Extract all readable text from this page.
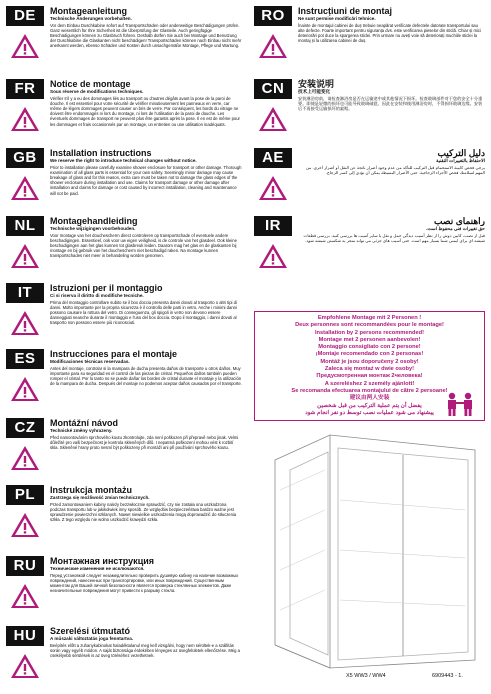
DE	Montageanleitung
Technische Änderungen vorbehalten.
Vor dem Einbau Duschkabine sofort auf Transportschäden oder anderweitige Beschädigungen prüfen. Ganz wesentlich für Ihre Sicherheit ist die Überprüfung der Glasteile. Auch geringfügige Beschädigungen können zu Glasbruch führen. Deshalb dürfen Sie auch bei Montage und Benutzung der Duschkabine die Glaskanten nicht beschädigen! Transportschäden können nach Einbau nicht mehr anerkannt werden, ebenso Schäden und Kosten durch unsachgemäße Montage, Pflege und Wartung.
FR	Notice de montage
Sous réserve de modifications techniques.
Vérifier s'il y a eu des dommages liés au transport ou d'autres dégâts avant la pose de la paroi de douche. Il est essentiel pour votre sécurité de vérifier minutieusement les panneaux en verre, car même de légers dommages peuvent causer un bris de verre. Par conséquent, les bords du vitrage ne doivent être endommagés ni lors du montage, ni lors de l'utilisation de la paroi de douche. Les éventuels dommages de transport ne peuvent plus être garantis après la pose. Il en est de même pour les dommages et frais occasionnés par un montage, un entretien ou une utilisation inadéquats.
GB	Installation instructions
We reserve the right to introduce technical changes without notice.
Prior to installation please carefully examine shower enclosure for transport or other damage. Thorough examination of all glass parts is essential for your own safety. Seemingly minor damage may cause breakage of glass and for this reason, extra care must be taken not to damage the glass edges of the shower enclosure during installation and use. Claims for transport damage or other damage after installation and claims for damage or cost caused by incorrect installation, cleaning and maintenance will not be paid.
NL	Montagehandleiding
Technische wijzigingen voorbehouden.
Voor montage van het douchescherm direct controleren op transportschade of eventuele andere beschadigingen. Essentieel, ook voor uw eigen veiligheid, is de controle van het glasdeel. Ook kleine beschadigingen aan het glas kunnen tot glasbreuk leiden. Daarom mag het glas en de glaskanten bij montage en bij gebruik van het douchescherm niet beschadigd raken. Na montage kunnen transportschades niet meer in behandeling worden genomen.
IT	Istruzioni per il montaggio
Ci si riserva il diritto di modifiche tecniche.
Prima del montaggio controllare subito se il box doccia presenta danni dovuti al trasporto o altri tipi di danni. Molto importante per la propria sicurezza è il controllo delle parti in vetro. Anche i minimi danni possono causare la rottura del vetro. Di conseguenza, gli spigoli in vetro non devono essere danneggiati neanche durante il montaggio e l'uso del box doccia. Dopo il montaggio, i danni dovuti al trasporto non possono essere più riconosciuti.
ES	Instrucciones para el montaje
Modificaciones técnicas reservadas.
Antes del montaje, controlar si la mampara de ducha presenta daños de transporte u otros daños. Muy importante para su seguridad es el control de las piezas de cristal. Pequeños daños también pueden romper el cristal. Por lo tanto no se puede dañar los bordes de cristal durante el montaje y la utilización de la mampara de ducha. Después del montaje no podemos aceptar daños causados por el transporte.
CZ	Montážní návod
Technické změny vyhrazeny.
Před namontováním sprchového koutu zkontrolujte, zda není poškozen při přepravě nebo jinak. Velmi důležité pro vaši bezpečnost je kontrola skleněných dílů. I nepatrná poškození mohou vést k rozbití skla. Skleněné hrany proto nesmí být poškozeny při montáži ani při používání sprchového koutu.
PL	Instrukcja montażu
Zastrzega się możliwość zmian technicznych.
Przed zamontowaniem kabiny należy bezzwłocznie sprawdzić, czy nie została ona uszkodzona podczas transportu lub w jakikolwiek inny sposób. Ze względów bezpieczeństwa bardzo ważne jest sprawdzenie powierzchni szklanych. Nawet niewielkie uszkodzenia mogą doprowadzić do stłuczenia szkła. Z tego względu nie wolno uszkodzić krawędzi szkła.
RU	Монтажная инструкция
Технические изменения не исключаются.
Перед установкой следует незамедлительно проверить душевую кабину на наличие возможных повреждений, нанесенных при транспортировке, или иных повреждений. Существенным моментом для Вашей личной безопасности является проверка стеклянных элементов. Даже незначительные повреждения могут привести к разрыву стекла.
HU	Szerelési útmutató
A műszaki változtatás joga fenntartva.
Beépítés előtt a zuhanykabinokat haladéktalanul meg kell vizsgálni, hogy nem sérültek-e a szállítás során vagy egyéb módon. A saját biztonsága érdekében lényeges az üvegfelületek ellenőrzése. Még a csekélyebb sérülések is az üveg töréséhez vezethetnek.
RO	Instrucțiuni de montaj
Ne sunt permise modificări tehnice.
Înainte de montajul cabinei de duș trebuie neapărat verificate defectele datorate transportului sau alte defecte. Foarte important pentru siguranța dvs. este verificarea pieselor din sticlă. Chiar și mici deteriorări pot duce la spargerea sticlei. Prin urmare nu aveți voie să deteriorați muchiile sticlei la montaj și la utilizarea cabinei de duș.
CN	安装说明
技术上可能变化
安装淋浴房前，请检查淋浴房是否在运输途中或其他情况下损坏。检查玻璃部件对于您的安全十分重要。即使是轻微的损坏也可能导致玻璃破裂。因此在安装和使用淋浴房时，不得损坏玻璃边缘。安装后不再接受运输损坏的索赔。
AE	دليل التركيب
الاحتفاظ بالتغييرات التقنية
يرجى فحص كابينة الاستحمام قبل التركيب للتأكد من عدم وجود أضرار ناتجة عن النقل أو أضرار أخرى. من المهم لسلامتك فحص الأجزاء الزجاجية. حتى الأضرار البسيطة يمكن أن تؤدي إلى كسر الزجاج.
IR	راهنمای نصب
حق تغییرات فنی محفوظ است.
قبل از نصب، کابین دوش را از نظر آسیب دیدگی حمل و نقل یا سایر آسیب ها بررسی کنید. بررسی قطعات شیشه ای برای ایمنی شما بسیار مهم است. حتی آسیب های جزئی می تواند منجر به شکستن شیشه شود.
Empfohlene Montage mit 2 Personen !
Deux personnes sont recommandées pour le montage!
Installation by 2 persons recommended!
Montage met 2 personen aanbevolen!
Montaggio consigliato con 2 persone!
¡Montaje recomendado con 2 personas!
Montáž je jsou doporučeny 2 osoby!
Zaleca się montaż w dwie osoby!
Предусмотренная монтаж 2человека!
A szereléshez 2 személy ajánlott!
Se recomanda efectuarea montajului de către 2 persoane!
建议由两人安装
يفضل أن يتم عملية التركيب من قبل شخصين
پیشنهاد می شود عملیات نصب توسط دو نفر انجام شود
X5 WW3 / WW4	6909443 - 1.
